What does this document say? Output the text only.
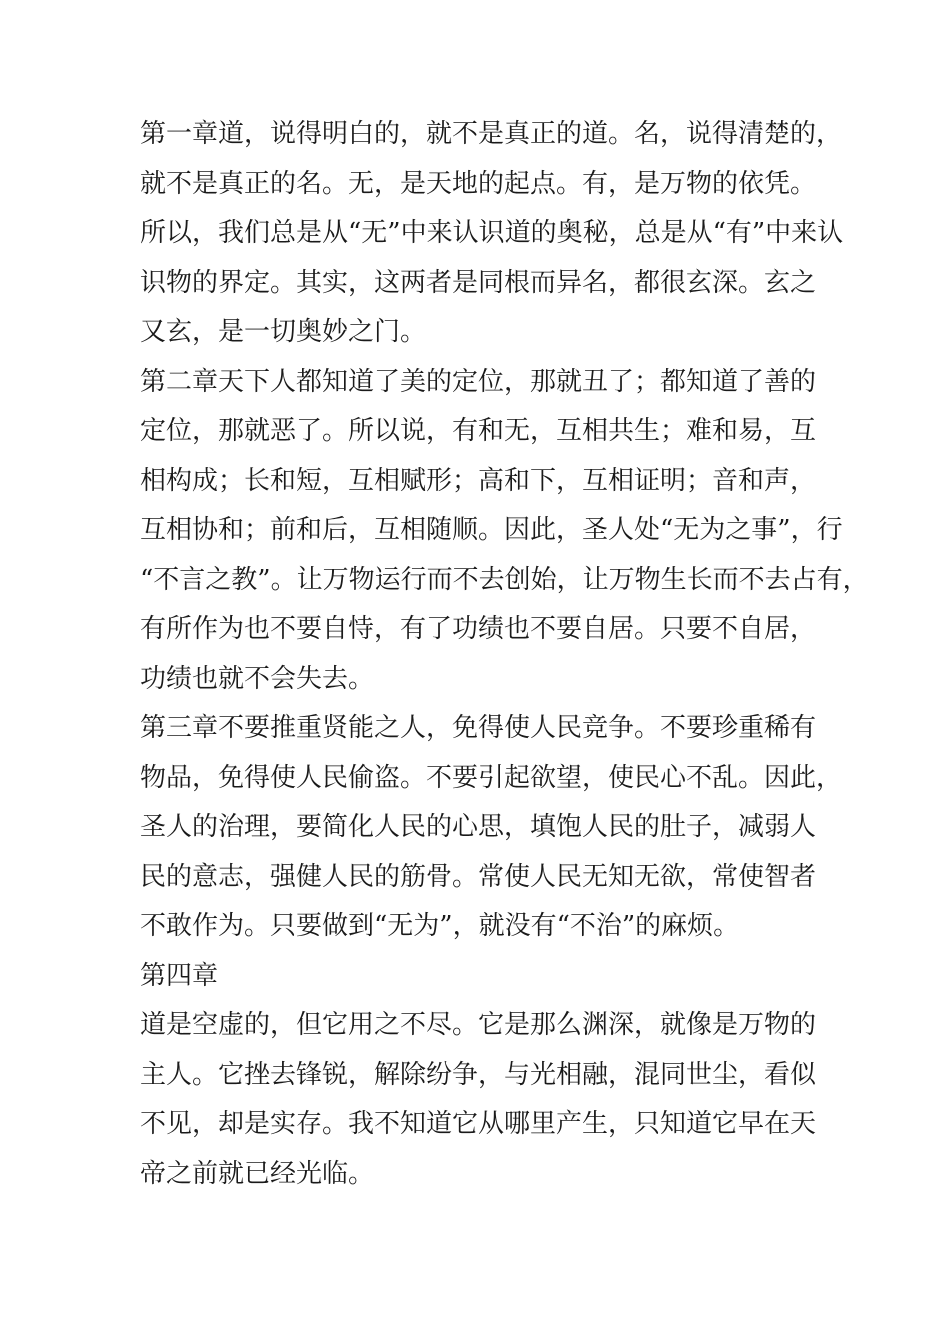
第一章道，说得明白的，就不是真正的道。名，说得清楚的，
就不是真正的名。无，是天地的起点。有，是万物的依凭。
所以，我们总是从“无”中来认识道的奥秘，总是从“有”中来认
识物的界定。其实，这两者是同根而异名，都很玄深。玄之
又玄，是一切奥妙之门。
第二章天下人都知道了美的定位，那就丑了；都知道了善的
定位，那就恶了。所以说，有和无，互相共生；难和易，互
相构成；长和短，互相赋形；高和下，互相证明；音和声，
互相协和；前和后，互相随顺。因此，圣人处“无为之事”，行
“不言之教”。让万物运行而不去创始，让万物生长而不去占有，
有所作为也不要自恃，有了功绩也不要自居。只要不自居，
功绩也就不会失去。
第三章不要推重贤能之人，免得使人民竞争。不要珍重稀有
物品，免得使人民偷盗。不要引起欲望，使民心不乱。因此，
圣人的治理，要简化人民的心思，填饱人民的肚子，减弱人
民的意志，强健人民的筋骨。常使人民无知无欲，常使智者
不敢作为。只要做到“无为”，就没有“不治”的麻烦。
第四章
道是空虚的，但它用之不尽。它是那么渊深，就像是万物的
主人。它挫去锋锐，解除纷争，与光相融，混同世尘，看似
不见，却是实存。我不知道它从哪里产生，只知道它早在天
帝之前就已经光临。
